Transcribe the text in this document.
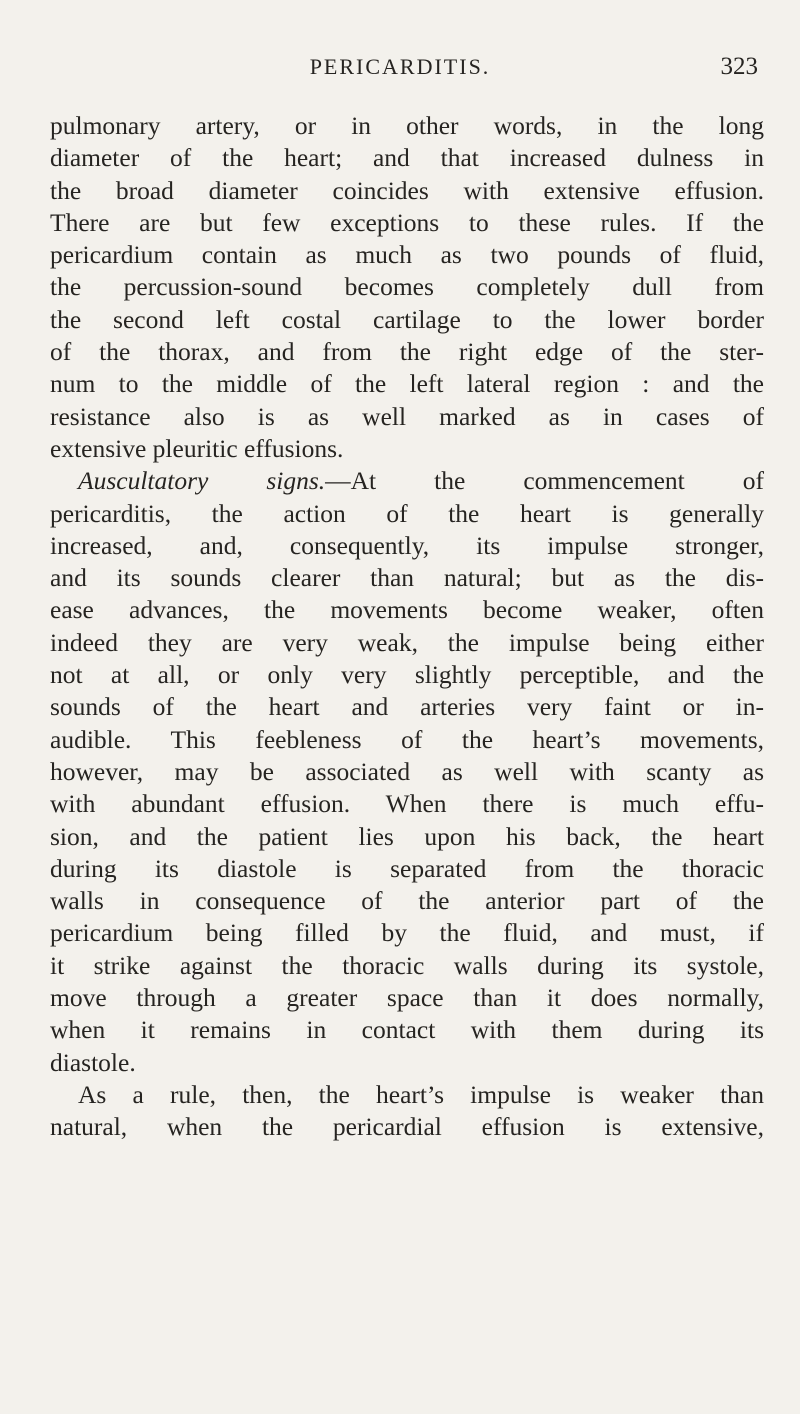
PERICARDITIS.	323
pulmonary artery, or in other words, in the long
diameter of the heart; and that increased dulness in
the broad diameter coincides with extensive effusion.
There are but few exceptions to these rules. If the
pericardium contain as much as two pounds of fluid,
the percussion-sound becomes completely dull from
the second left costal cartilage to the lower border
of the thorax, and from the right edge of the ster-
num to the middle of the left lateral region : and the
resistance also is as well marked as in cases of
extensive pleuritic effusions.
Auscultatory signs.—At the commencement of
pericarditis, the action of the heart is generally
increased, and, consequently, its impulse stronger,
and its sounds clearer than natural; but as the dis-
ease advances, the movements become weaker, often
indeed they are very weak, the impulse being either
not at all, or only very slightly perceptible, and the
sounds of the heart and arteries very faint or in-
audible. This feebleness of the heart’s movements,
however, may be associated as well with scanty as
with abundant effusion. When there is much effu-
sion, and the patient lies upon his back, the heart
during its diastole is separated from the thoracic
walls in consequence of the anterior part of the
pericardium being filled by the fluid, and must, if
it strike against the thoracic walls during its systole,
move through a greater space than it does normally,
when it remains in contact with them during its
diastole.
As a rule, then, the heart’s impulse is weaker than
natural, when the pericardial effusion is extensive,
